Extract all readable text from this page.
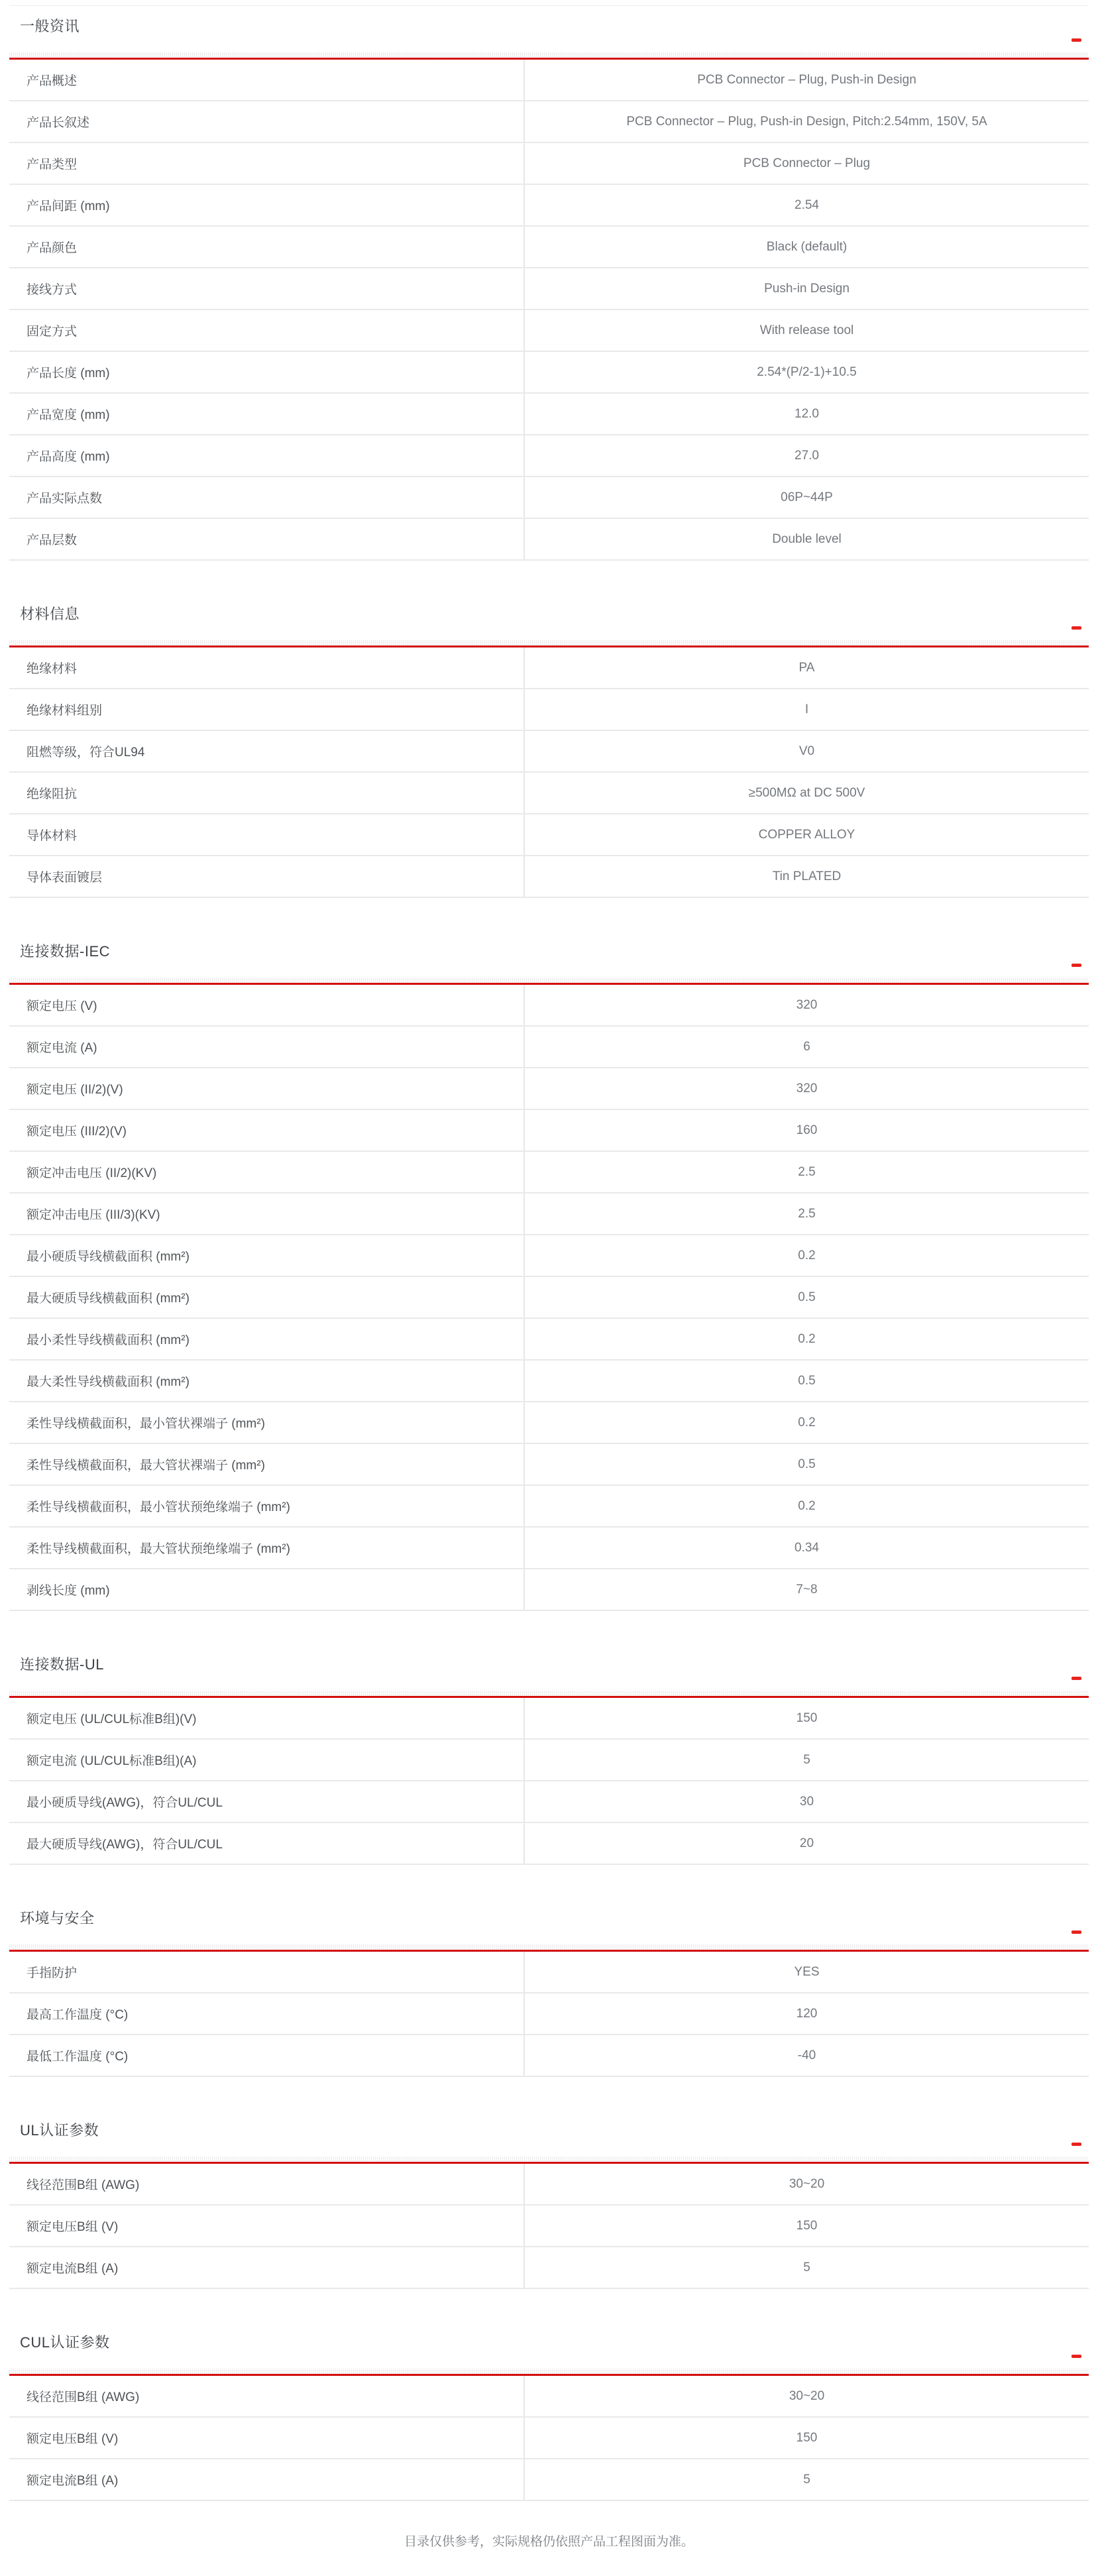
一般资讯
产品概述	PCB Connector – Plug, Push-in Design
产品长叙述	PCB Connector – Plug, Push-in Design, Pitch:2.54mm, 150V, 5A
产品类型	PCB Connector – Plug
产品间距 (mm)	2.54
产品颜色	Black (default)
接线方式	Push-in Design
固定方式	With release tool
产品长度 (mm)	2.54*(P/2-1)+10.5
产品宽度 (mm)	12.0
产品高度 (mm)	27.0
产品实际点数	06P~44P
产品层数	Double level
材料信息
绝缘材料	PA
绝缘材料组别	I
阻燃等级，符合UL94	V0
绝缘阻抗	≥500MΩ at DC 500V
导体材料	COPPER ALLOY
导体表面镀层	Tin PLATED
连接数据-IEC
额定电压 (V)	320
额定电流 (A)	6
额定电压 (II/2)(V)	320
额定电压 (III/2)(V)	160
额定冲击电压 (II/2)(KV)	2.5
额定冲击电压 (III/3)(KV)	2.5
最小硬质导线横截面积 (mm²)	0.2
最大硬质导线横截面积 (mm²)	0.5
最小柔性导线横截面积 (mm²)	0.2
最大柔性导线横截面积 (mm²)	0.5
柔性导线横截面积，最小管状裸端子 (mm²)	0.2
柔性导线横截面积，最大管状裸端子 (mm²)	0.5
柔性导线横截面积，最小管状预绝缘端子 (mm²)	0.2
柔性导线横截面积，最大管状预绝缘端子 (mm²)	0.34
剥线长度 (mm)	7~8
连接数据-UL
额定电压 (UL/CUL标准B组)(V)	150
额定电流 (UL/CUL标准B组)(A)	5
最小硬质导线(AWG)，符合UL/CUL	30
最大硬质导线(AWG)，符合UL/CUL	20
环境与安全
手指防护	YES
最高工作温度 (°C)	120
最低工作温度 (°C)	-40
UL认证参数
线径范围B组 (AWG)	30~20
额定电压B组 (V)	150
额定电流B组 (A)	5
CUL认证参数
线径范围B组 (AWG)	30~20
额定电压B组 (V)	150
额定电流B组 (A)	5
目录仅供参考，实际规格仍依照产品工程图面为准。
